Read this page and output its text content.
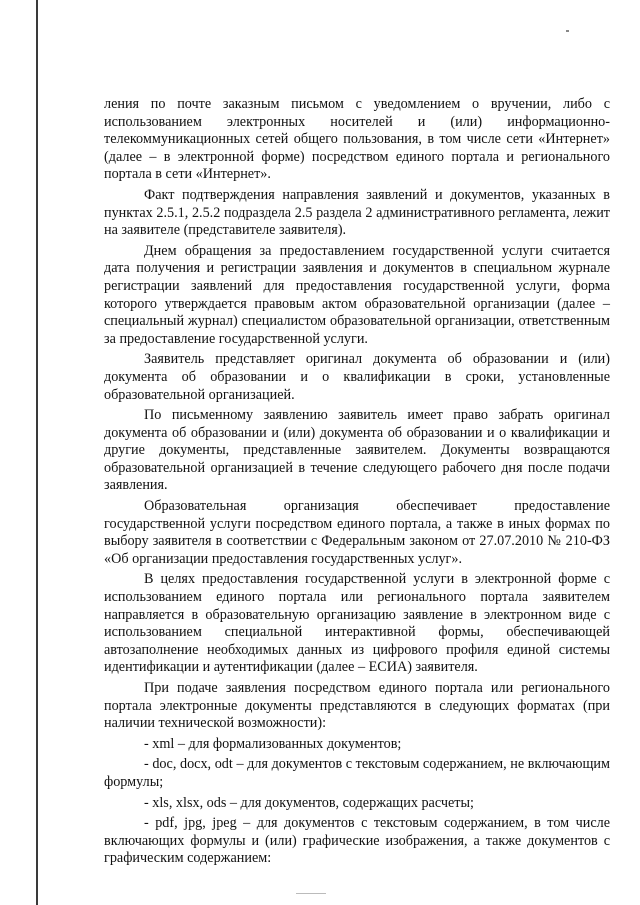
ления по почте заказным письмом с уведомлением о вручении, либо с использованием электронных носителей и (или) информационно-телекоммуникационных сетей общего пользования, в том числе сети «Интернет» (далее – в электронной форме) посредством единого портала и регионального портала в сети «Интернет».

Факт подтверждения направления заявлений и документов, указанных в пунктах 2.5.1, 2.5.2 подраздела 2.5 раздела 2 административного регламента, лежит на заявителе (представителе заявителя).

Днем обращения за предоставлением государственной услуги считается дата получения и регистрации заявления и документов в специальном журнале регистрации заявлений для предоставления государственной услуги, форма которого утверждается правовым актом образовательной организации (далее – специальный журнал) специалистом образовательной организации, ответственным за предоставление государственной услуги.

Заявитель представляет оригинал документа об образовании и (или) документа об образовании и о квалификации в сроки, установленные образовательной организацией.

По письменному заявлению заявитель имеет право забрать оригинал документа об образовании и (или) документа об образовании и о квалификации и другие документы, представленные заявителем. Документы возвращаются образовательной организацией в течение следующего рабочего дня после подачи заявления.

Образовательная организация обеспечивает предоставление государственной услуги посредством единого портала, а также в иных формах по выбору заявителя в соответствии с Федеральным законом от 27.07.2010 № 210-ФЗ «Об организации предоставления государственных услуг».

В целях предоставления государственной услуги в электронной форме с использованием единого портала или регионального портала заявителем направляется в образовательную организацию заявление в электронном виде с использованием специальной интерактивной формы, обеспечивающей автозаполнение необходимых данных из цифрового профиля единой системы идентификации и аутентификации (далее – ЕСИА) заявителя.

При подаче заявления посредством единого портала или регионального портала электронные документы представляются в следующих форматах (при наличии технической возможности):

- xml – для формализованных документов;

- doc, docx, odt – для документов с текстовым содержанием, не включающим формулы;

- xls, xlsx, ods – для документов, содержащих расчеты;

- pdf, jpg, jpeg – для документов с текстовым содержанием, в том числе включающих формулы и (или) графические изображения, а также документов с графическим содержанием:
